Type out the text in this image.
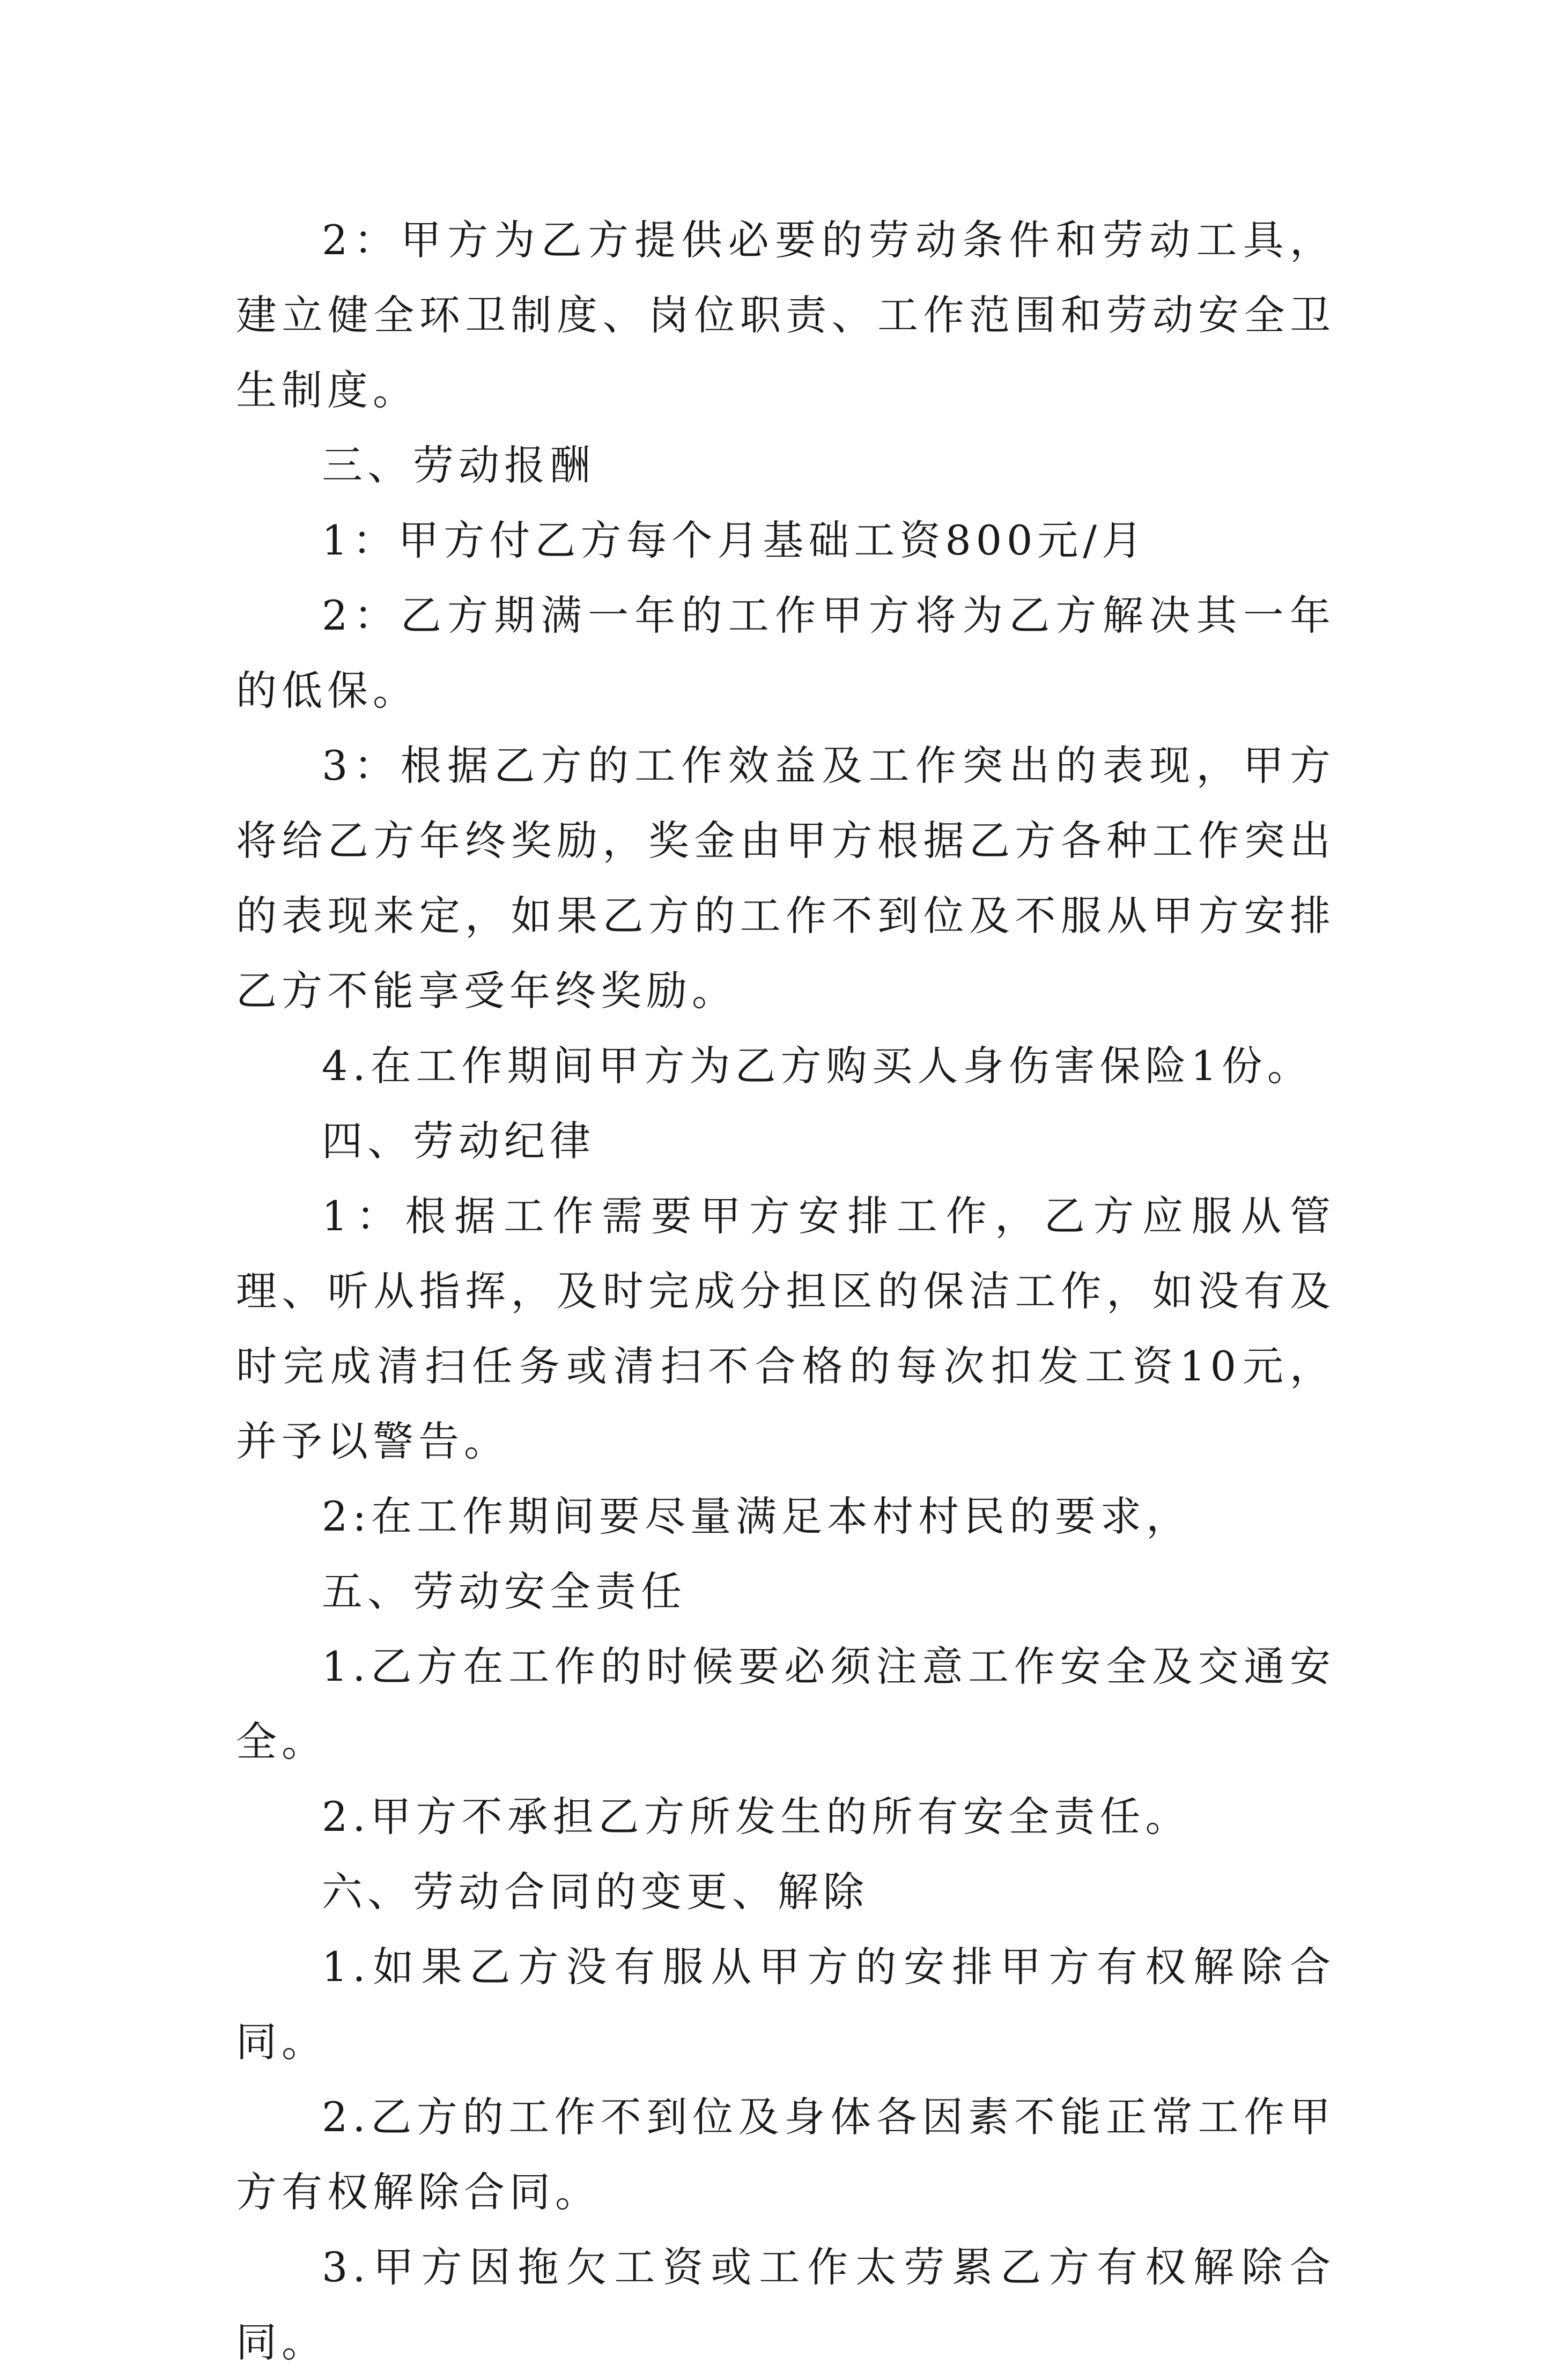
2：甲方为乙方提供必要的劳动条件和劳动工具，建立健全环卫制度、岗位职责、工作范围和劳动安全卫生制度。

三、劳动报酬

1：甲方付乙方每个月基础工资800元/月

2：乙方期满一年的工作甲方将为乙方解决其一年的低保。

3：根据乙方的工作效益及工作突出的表现，甲方将给乙方年终奖励，奖金由甲方根据乙方各种工作突出的表现来定，如果乙方的工作不到位及不服从甲方安排乙方不能享受年终奖励。

4.在工作期间甲方为乙方购买人身伤害保险1份。

四、劳动纪律

1：根据工作需要甲方安排工作，乙方应服从管理、听从指挥，及时完成分担区的保洁工作，如没有及时完成清扫任务或清扫不合格的每次扣发工资10元，并予以警告。

2:在工作期间要尽量满足本村村民的要求，

五、劳动安全责任

1.乙方在工作的时候要必须注意工作安全及交通安全。

2.甲方不承担乙方所发生的所有安全责任。

六、劳动合同的变更、解除

1.如果乙方没有服从甲方的安排甲方有权解除合同。

2.乙方的工作不到位及身体各因素不能正常工作甲方有权解除合同。

3.甲方因拖欠工资或工作太劳累乙方有权解除合同。
